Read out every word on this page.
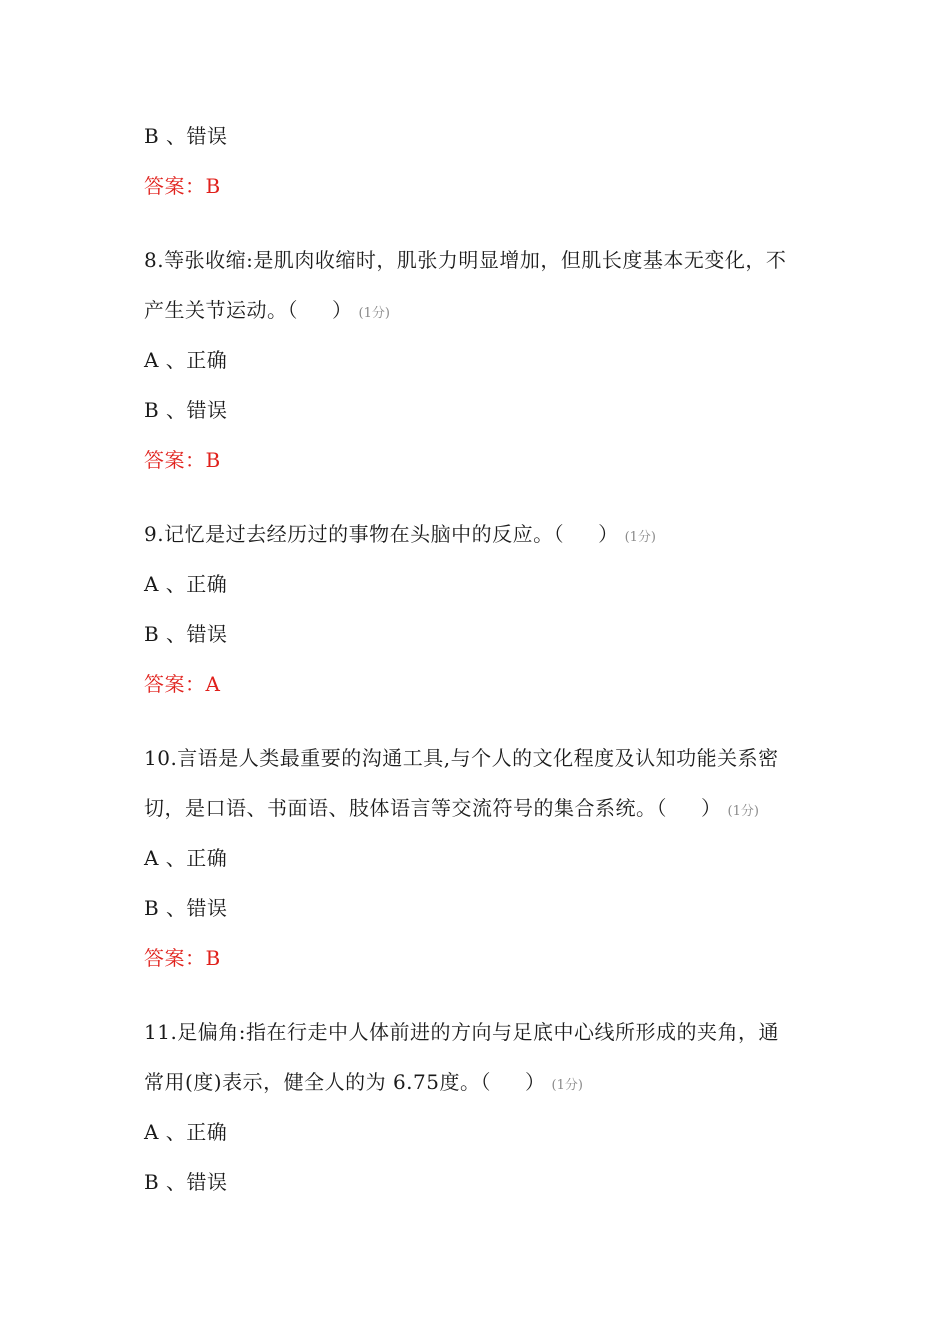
B 、错误
答案：B
8.等张收缩:是肌肉收缩时，肌张力明显增加，但肌长度基本无变化，不
产生关节运动。（ ） (1分)
A 、正确
B 、错误
答案：B
9.记忆是过去经历过的事物在头脑中的反应。（ ） (1分)
A 、正确
B 、错误
答案：A
10.言语是人类最重要的沟通工具,与个人的文化程度及认知功能关系密
切，是口语、书面语、肢体语言等交流符号的集合系统。（ ） (1分)
A 、正确
B 、错误
答案：B
11.足偏角:指在行走中人体前进的方向与足底中心线所形成的夹角，通
常用(度)表示，健全人的为 6.75度。（ ） (1分)
A 、正确
B 、错误
